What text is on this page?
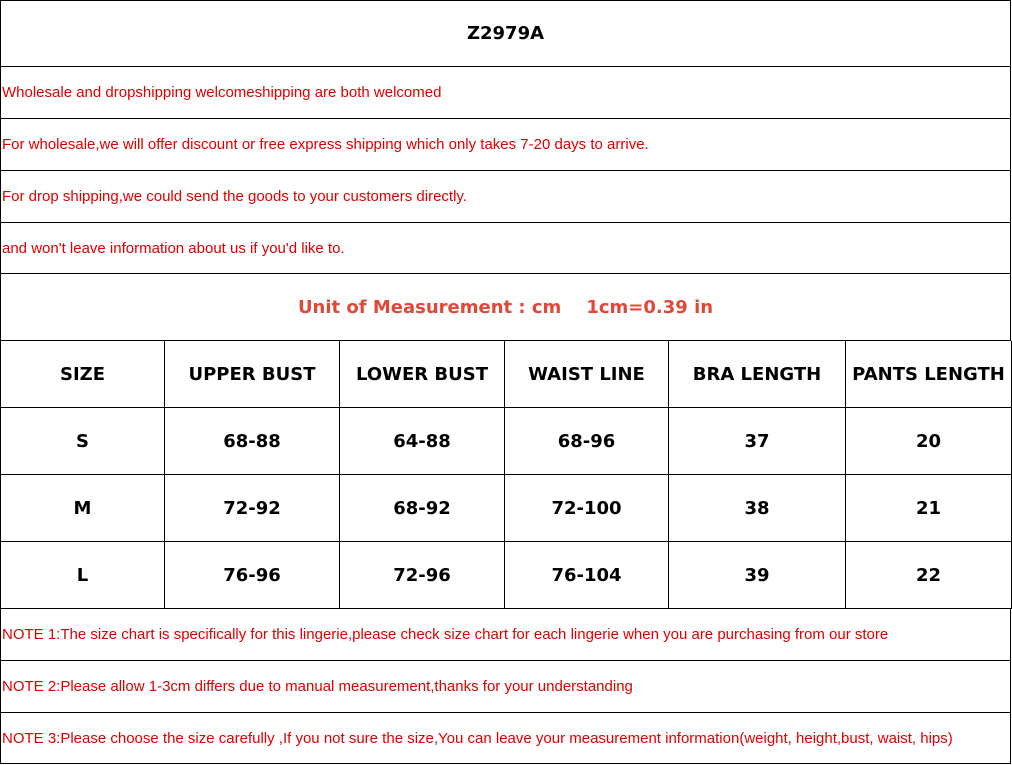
Z2979A
Wholesale and dropshipping welcomeshipping are both welcomed
For wholesale,we will offer discount or free express shipping which only takes 7-20 days to arrive.
For drop shipping,we could send the goods to your customers directly.
and won't leave information about us if you'd like to.
Unit of Measurement : cm    1cm=0.39 in
SIZE	UPPER BUST	LOWER BUST	WAIST LINE	BRA LENGTH	PANTS LENGTH
S	68-88	64-88	68-96	37	20
M	72-92	68-92	72-100	38	21
L	76-96	72-96	76-104	39	22
NOTE 1:The size chart is specifically for this lingerie,please check size chart for each lingerie when you are purchasing from our store
NOTE 2:Please allow 1-3cm differs due to manual measurement,thanks for your understanding
NOTE 3:Please choose the size carefully ,If you not sure the size,You can leave your measurement information(weight, height,bust, waist, hips)
